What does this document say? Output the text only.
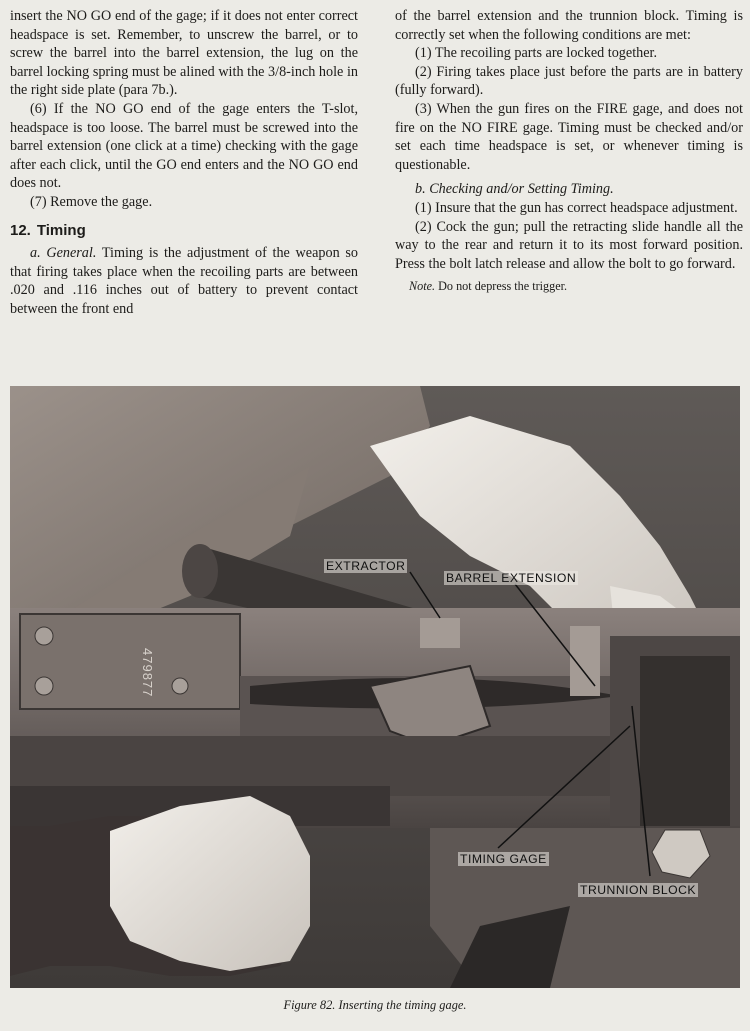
insert the NO GO end of the gage; if it does not enter correct headspace is set. Remember, to unscrew the barrel, or to screw the barrel into the barrel extension, the lug on the barrel locking spring must be alined with the 3/8-inch hole in the right side plate (para 7b.).

(6) If the NO GO end of the gage enters the T-slot, headspace is too loose. The barrel must be screwed into the barrel extension (one click at a time) checking with the gage after each click, until the GO end enters and the NO GO end does not.

(7) Remove the gage.

12. Timing

a. General. Timing is the adjustment of the weapon so that firing takes place when the recoiling parts are between .020 and .116 inches out of battery to prevent contact between the front end

of the barrel extension and the trunnion block. Timing is correctly set when the following conditions are met:

(1) The recoiling parts are locked together.

(2) Firing takes place just before the parts are in battery (fully forward).

(3) When the gun fires on the FIRE gage, and does not fire on the NO FIRE gage. Timing must be checked and/or set each time headspace is set, or whenever timing is questionable.

b. Checking and/or Setting Timing.

(1) Insure that the gun has correct headspace adjustment.

(2) Cock the gun; pull the retracting slide handle all the way to the rear and return it to its most forward position. Press the bolt latch release and allow the bolt to go forward.

Note. Do not depress the trigger.

479877
EXTRACTOR
BARREL EXTENSION
TIMING GAGE
TRUNNION BLOCK
Figure 82. Inserting the timing gage.
